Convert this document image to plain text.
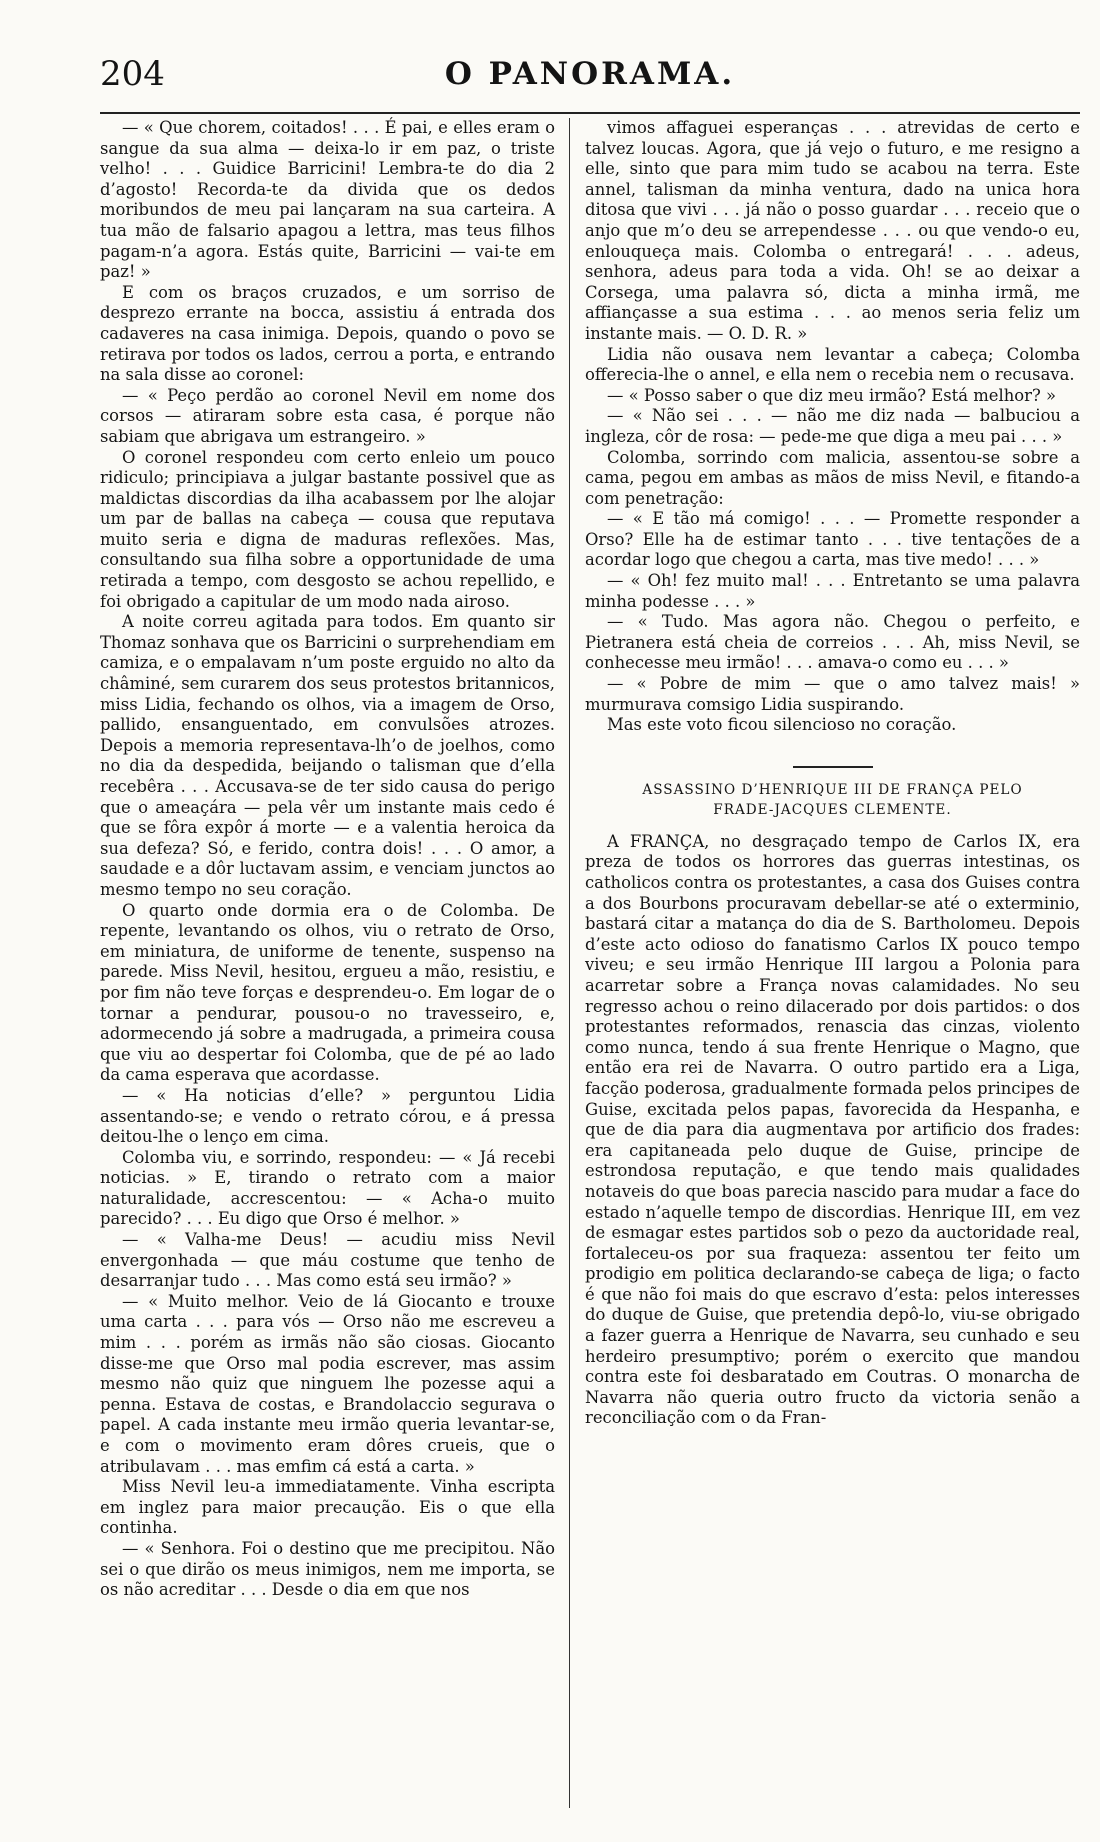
204	O PANORAMA.

— « Que chorem, coitados! . . . É pai, e elles eram o sangue da sua alma — deixa-lo ir em paz, o triste velho! . . . Guidice Barricini! Lembra-te do dia 2 d’agosto! Recorda-te da divida que os dedos moribundos de meu pai lançaram na sua carteira. A tua mão de falsario apagou a lettra, mas teus filhos pagam-n’a agora. Estás quite, Barricini — vai-te em paz! »

E com os braços cruzados, e um sorriso de desprezo errante na bocca, assistiu á entrada dos cadaveres na casa inimiga. Depois, quando o povo se retirava por todos os lados, cerrou a porta, e entrando na sala disse ao coronel:

— « Peço perdão ao coronel Nevil em nome dos corsos — atiraram sobre esta casa, é porque não sabiam que abrigava um estrangeiro. »

O coronel respondeu com certo enleio um pouco ridiculo; principiava a julgar bastante possivel que as maldictas discordias da ilha acabassem por lhe alojar um par de ballas na cabeça — cousa que reputava muito seria e digna de maduras reflexões. Mas, consultando sua filha sobre a opportunidade de uma retirada a tempo, com desgosto se achou repellido, e foi obrigado a capitular de um modo nada airoso.

A noite correu agitada para todos. Em quanto sir Thomaz sonhava que os Barricini o surprehendiam em camiza, e o empalavam n’um poste erguido no alto da châminé, sem curarem dos seus protestos britannicos, miss Lidia, fechando os olhos, via a imagem de Orso, pallido, ensanguentado, em convulsões atrozes. Depois a memoria representava-lh’o de joelhos, como no dia da despedida, beijando o talisman que d’ella recebêra . . . Accusava-se de ter sido causa do perigo que o ameaçára — pela vêr um instante mais cedo é que se fôra expôr á morte — e a valentia heroica da sua defeza? Só, e ferido, contra dois! . . . O amor, a saudade e a dôr luctavam assim, e venciam junctos ao mesmo tempo no seu coração.

O quarto onde dormia era o de Colomba. De repente, levantando os olhos, viu o retrato de Orso, em miniatura, de uniforme de tenente, suspenso na parede. Miss Nevil, hesitou, ergueu a mão, resistiu, e por fim não teve forças e desprendeu-o. Em logar de o tornar a pendurar, pousou-o no travesseiro, e, adormecendo já sobre a madrugada, a primeira cousa que viu ao despertar foi Colomba, que de pé ao lado da cama esperava que acordasse.

— « Ha noticias d’elle? » perguntou Lidia assentando-se; e vendo o retrato córou, e á pressa deitou-lhe o lenço em cima.

Colomba viu, e sorrindo, respondeu: — « Já recebi noticias. » E, tirando o retrato com a maior naturalidade, accrescentou: — « Acha-o muito parecido? . . . Eu digo que Orso é melhor. »

— « Valha-me Deus! — acudiu miss Nevil envergonhada — que máu costume que tenho de desarranjar tudo . . . Mas como está seu irmão? »

— « Muito melhor. Veio de lá Giocanto e trouxe uma carta . . . para vós — Orso não me escreveu a mim . . . porém as irmãs não são ciosas. Giocanto disse-me que Orso mal podia escrever, mas assim mesmo não quiz que ninguem lhe pozesse aqui a penna. Estava de costas, e Brandolaccio segurava o papel. A cada instante meu irmão queria levantar-se, e com o movimento eram dôres crueis, que o atribulavam . . . mas emfim cá está a carta. »

Miss Nevil leu-a immediatamente. Vinha escripta em inglez para maior precaução. Eis o que ella continha.

— « Senhora. Foi o destino que me precipitou. Não sei o que dirão os meus inimigos, nem me importa, se os não acreditar . . . Desde o dia em que nos

vimos affaguei esperanças . . . atrevidas de certo e talvez loucas. Agora, que já vejo o futuro, e me resigno a elle, sinto que para mim tudo se acabou na terra. Este annel, talisman da minha ventura, dado na unica hora ditosa que vivi . . . já não o posso guardar . . . receio que o anjo que m’o deu se arrependesse . . . ou que vendo-o eu, enlouqueça mais. Colomba o entregará! . . . adeus, senhora, adeus para toda a vida. Oh! se ao deixar a Corsega, uma palavra só, dicta a minha irmã, me affiançasse a sua estima . . . ao menos seria feliz um instante mais. — O. D. R. »

Lidia não ousava nem levantar a cabeça; Colomba offerecia-lhe o annel, e ella nem o recebia nem o recusava.

— « Posso saber o que diz meu irmão? Está melhor? »

— « Não sei . . . — não me diz nada — balbuciou a ingleza, côr de rosa: — pede-me que diga a meu pai . . . »

Colomba, sorrindo com malicia, assentou-se sobre a cama, pegou em ambas as mãos de miss Nevil, e fitando-a com penetração:

— « E tão má comigo! . . . — Promette responder a Orso? Elle ha de estimar tanto . . . tive tentações de a acordar logo que chegou a carta, mas tive medo! . . . »

— « Oh! fez muito mal! . . . Entretanto se uma palavra minha podesse . . . »

— « Tudo. Mas agora não. Chegou o perfeito, e Pietranera está cheia de correios . . . Ah, miss Nevil, se conhecesse meu irmão! . . . amava-o como eu . . . »

— « Pobre de mim — que o amo talvez mais! » murmurava comsigo Lidia suspirando.

Mas este voto ficou silencioso no coração.

ASSASSINO D’HENRIQUE III DE FRANÇA PELO
FRADE-JACQUES CLEMENTE.

A FRANÇA, no desgraçado tempo de Carlos IX, era preza de todos os horrores das guerras intestinas, os catholicos contra os protestantes, a casa dos Guises contra a dos Bourbons procuravam debellar-se até o exterminio, bastará citar a matança do dia de S. Bartholomeu. Depois d’este acto odioso do fanatismo Carlos IX pouco tempo viveu; e seu irmão Henrique III largou a Polonia para acarretar sobre a França novas calamidades. No seu regresso achou o reino dilacerado por dois partidos: o dos protestantes reformados, renascia das cinzas, violento como nunca, tendo á sua frente Henrique o Magno, que então era rei de Navarra. O outro partido era a Liga, facção poderosa, gradualmente formada pelos principes de Guise, excitada pelos papas, favorecida da Hespanha, e que de dia para dia augmentava por artificio dos frades: era capitaneada pelo duque de Guise, principe de estrondosa reputação, e que tendo mais qualidades notaveis do que boas parecia nascido para mudar a face do estado n’aquelle tempo de discordias. Henrique III, em vez de esmagar estes partidos sob o pezo da auctoridade real, fortaleceu-os por sua fraqueza: assentou ter feito um prodigio em politica declarando-se cabeça de liga; o facto é que não foi mais do que escravo d’esta: pelos interesses do duque de Guise, que pretendia depô-lo, viu-se obrigado a fazer guerra a Henrique de Navarra, seu cunhado e seu herdeiro presumptivo; porém o exercito que mandou contra este foi desbaratado em Coutras. O monarcha de Navarra não queria outro fructo da victoria senão a reconciliação com o da Fran-
